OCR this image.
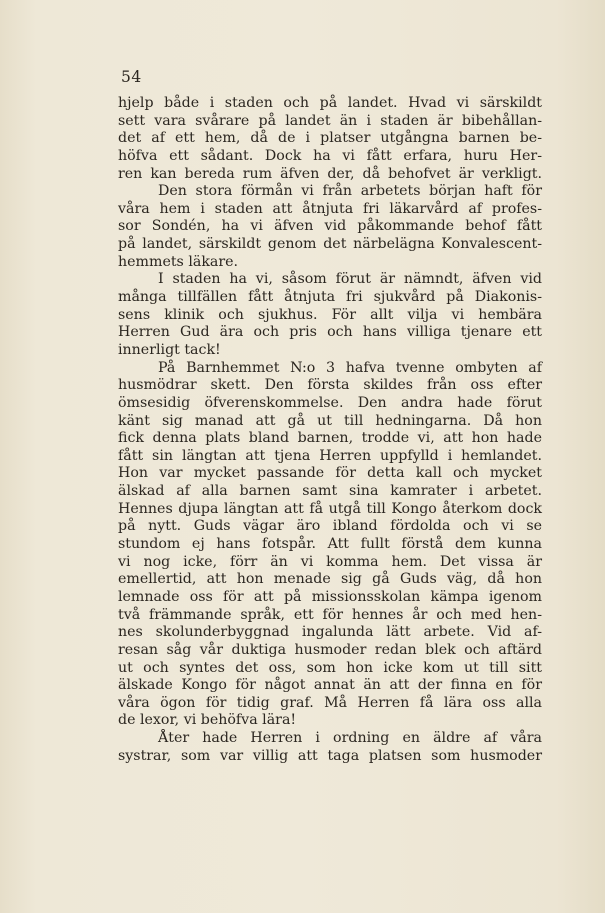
54
hjelp både i staden och på landet. Hvad vi särskildt
sett vara svårare på landet än i staden är bibehållan-
det af ett hem, då de i platser utgångna barnen be-
höfva ett sådant. Dock ha vi fått erfara, huru Her-
ren kan bereda rum äfven der, då behofvet är verkligt.
Den stora förmån vi från arbetets början haft för
våra hem i staden att åtnjuta fri läkarvård af profes-
sor Sondén, ha vi äfven vid påkommande behof fått
på landet, särskildt genom det närbelägna Konvalescent-
hemmets läkare.
I staden ha vi, såsom förut är nämndt, äfven vid
många tillfällen fått åtnjuta fri sjukvård på Diakonis-
sens klinik och sjukhus. För allt vilja vi hembära
Herren Gud ära och pris och hans villiga tjenare ett
innerligt tack!
På Barnhemmet N:o 3 hafva tvenne ombyten af
husmödrar skett. Den första skildes från oss efter
ömsesidig öfverenskommelse. Den andra hade förut
känt sig manad att gå ut till hedningarna. Då hon
fick denna plats bland barnen, trodde vi, att hon hade
fått sin längtan att tjena Herren uppfylld i hemlandet.
Hon var mycket passande för detta kall och mycket
älskad af alla barnen samt sina kamrater i arbetet.
Hennes djupa längtan att få utgå till Kongo återkom dock
på nytt. Guds vägar äro ibland fördolda och vi se
stundom ej hans fotspår. Att fullt förstå dem kunna
vi nog icke, förr än vi komma hem. Det vissa är
emellertid, att hon menade sig gå Guds väg, då hon
lemnade oss för att på missionsskolan kämpa igenom
två främmande språk, ett för hennes år och med hen-
nes skolunderbyggnad ingalunda lätt arbete. Vid af-
resan såg vår duktiga husmoder redan blek och aftärd
ut och syntes det oss, som hon icke kom ut till sitt
älskade Kongo för något annat än att der finna en för
våra ögon för tidig graf. Må Herren få lära oss alla
de lexor, vi behöfva lära!
Åter hade Herren i ordning en äldre af våra
systrar, som var villig att taga platsen som husmoder
